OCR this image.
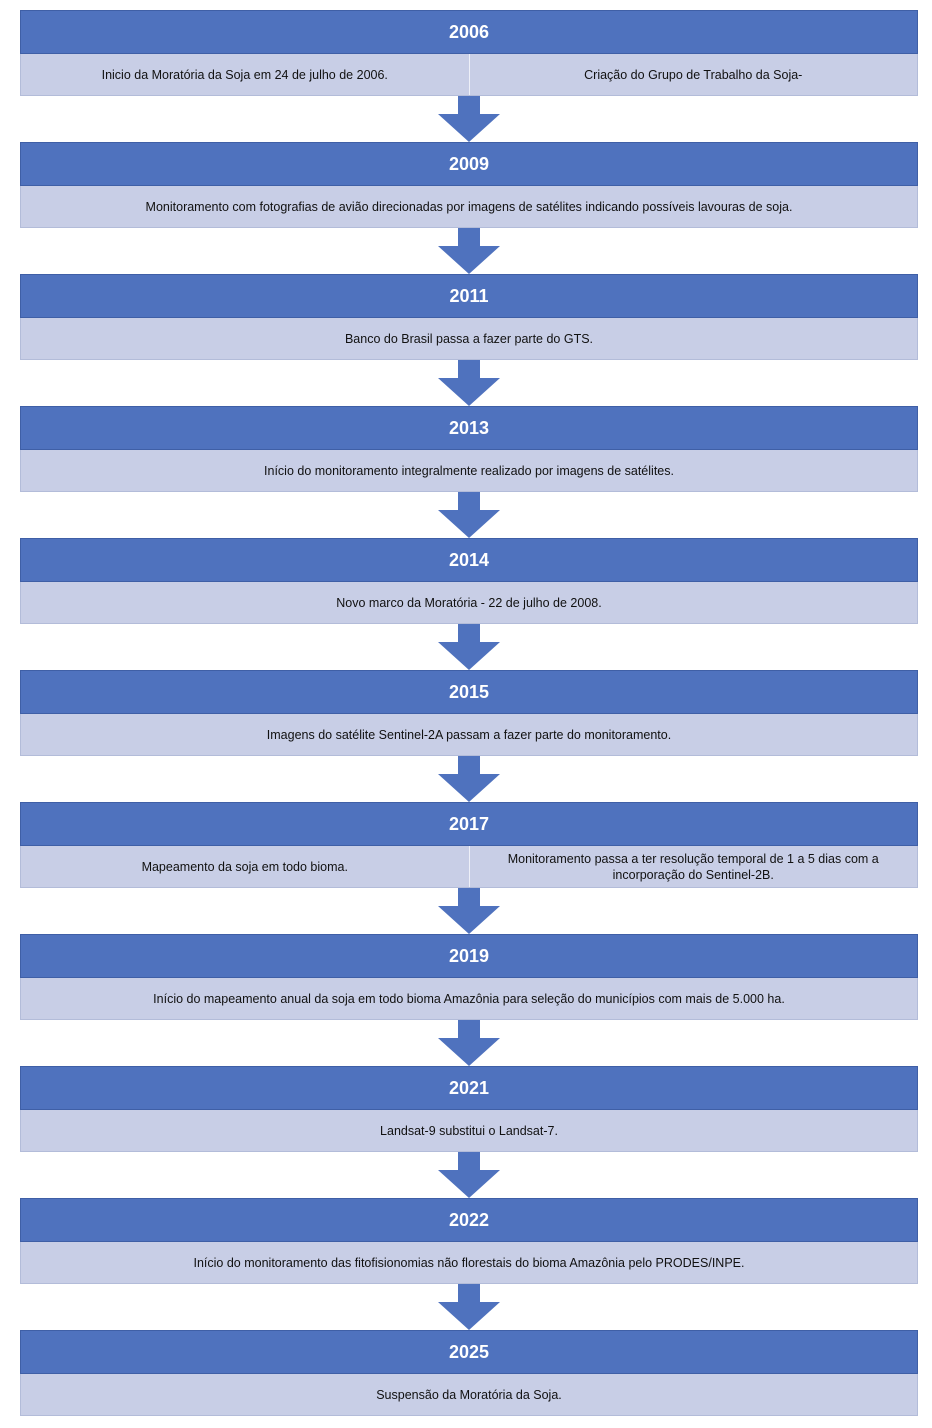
2006
Inicio da Moratória da Soja em 24 de julho de 2006.	Criação do Grupo de Trabalho da Soja-
2009
Monitoramento com fotografias de avião direcionadas por imagens de satélites indicando possíveis lavouras de soja.
2011
Banco do Brasil passa a fazer parte do GTS.
2013
Início do monitoramento integralmente realizado por imagens de satélites.
2014
Novo marco da Moratória - 22 de julho de 2008.
2015
Imagens do satélite Sentinel-2A passam a fazer parte do monitoramento.
2017
Mapeamento da soja em todo bioma.
Monitoramento passa a ter resolução temporal de 1 a 5 dias com a incorporação do Sentinel-2B.
2019
Início do mapeamento anual da soja em todo bioma Amazônia para seleção do municípios com mais de 5.000 ha.
2021
Landsat-9 substitui o Landsat-7.
2022
Início do monitoramento das fitofisionomias não florestais do bioma Amazônia pelo PRODES/INPE.
2025
Suspensão da Moratória da Soja.
